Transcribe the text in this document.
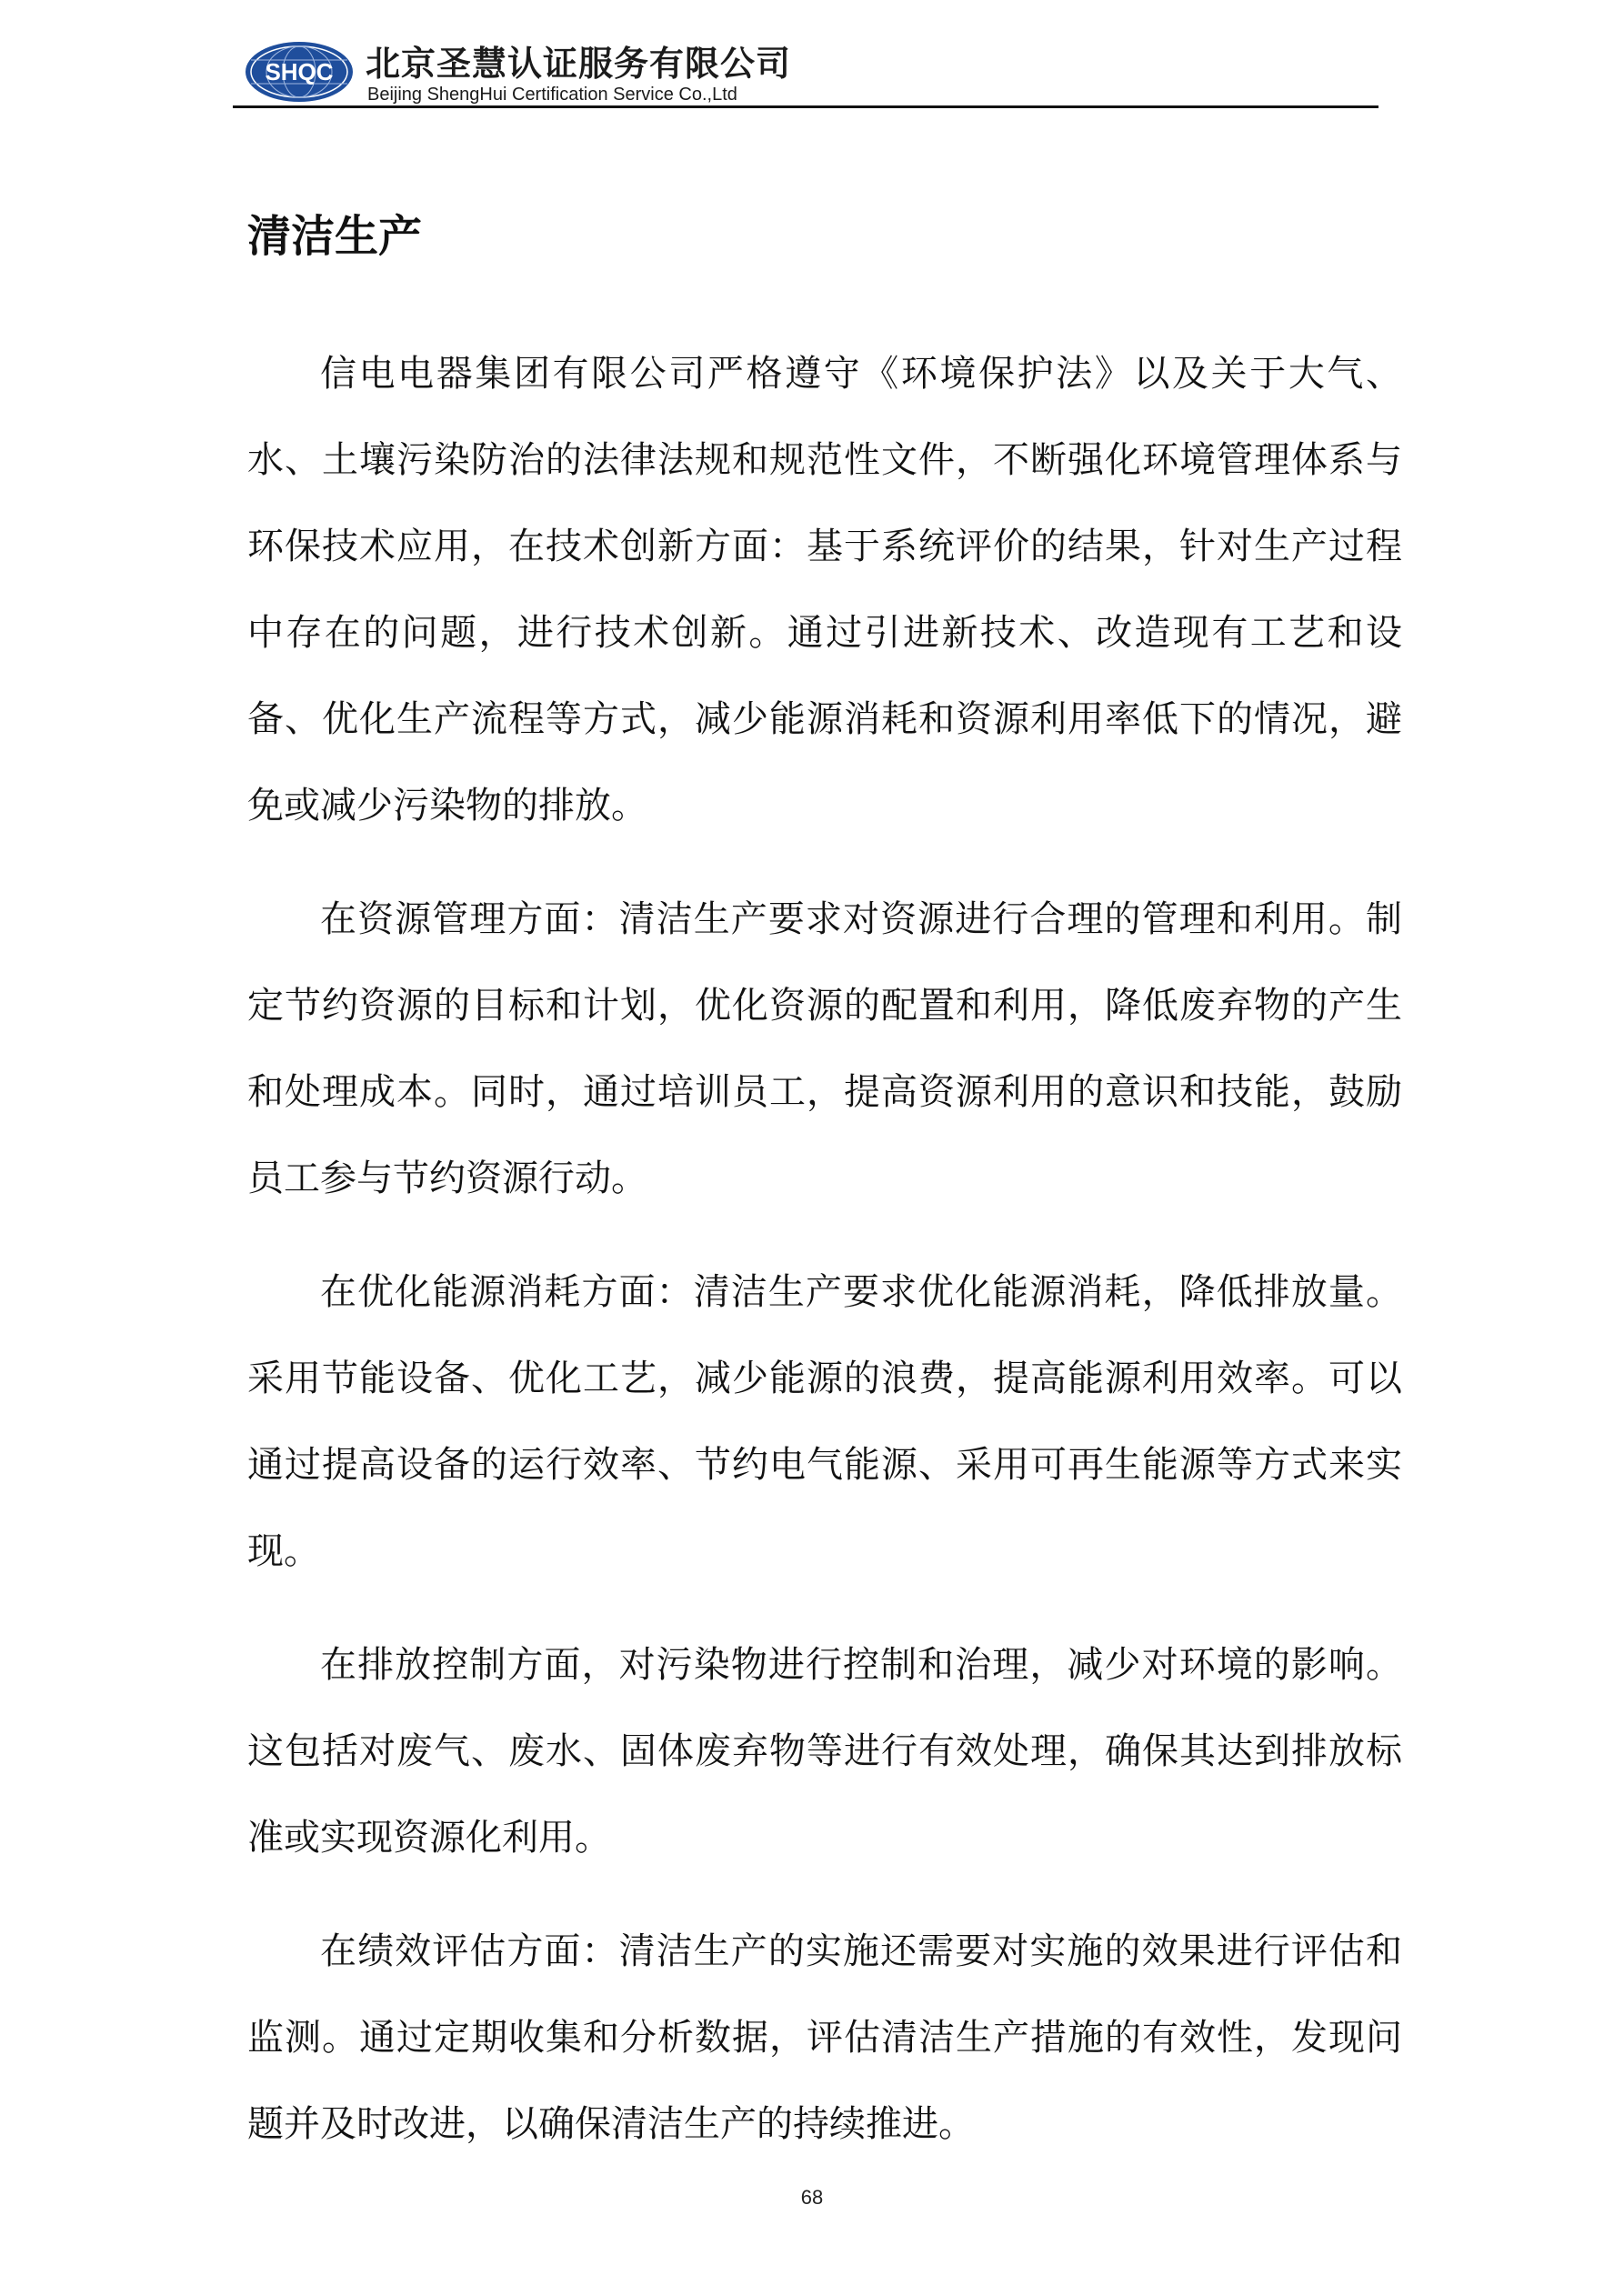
SHQC 北京圣慧认证服务有限公司
Beijing ShengHui Certification Service Co.,Ltd
清洁生产

信电电器集团有限公司严格遵守《环境保护法》以及关于大气、水、土壤污染防治的法律法规和规范性文件，不断强化环境管理体系与环保技术应用，在技术创新方面：基于系统评价的结果，针对生产过程中存在的问题，进行技术创新。通过引进新技术、改造现有工艺和设备、优化生产流程等方式，减少能源消耗和资源利用率低下的情况，避免或减少污染物的排放。

在资源管理方面：清洁生产要求对资源进行合理的管理和利用。制定节约资源的目标和计划，优化资源的配置和利用，降低废弃物的产生和处理成本。同时，通过培训员工，提高资源利用的意识和技能，鼓励员工参与节约资源行动。

在优化能源消耗方面：清洁生产要求优化能源消耗，降低排放量。采用节能设备、优化工艺，减少能源的浪费，提高能源利用效率。可以通过提高设备的运行效率、节约电气能源、采用可再生能源等方式来实现。

在排放控制方面，对污染物进行控制和治理，减少对环境的影响。这包括对废气、废水、固体废弃物等进行有效处理，确保其达到排放标准或实现资源化利用。

在绩效评估方面：清洁生产的实施还需要对实施的效果进行评估和监测。通过定期收集和分析数据，评估清洁生产措施的有效性，发现问题并及时改进，以确保清洁生产的持续推进。

68
